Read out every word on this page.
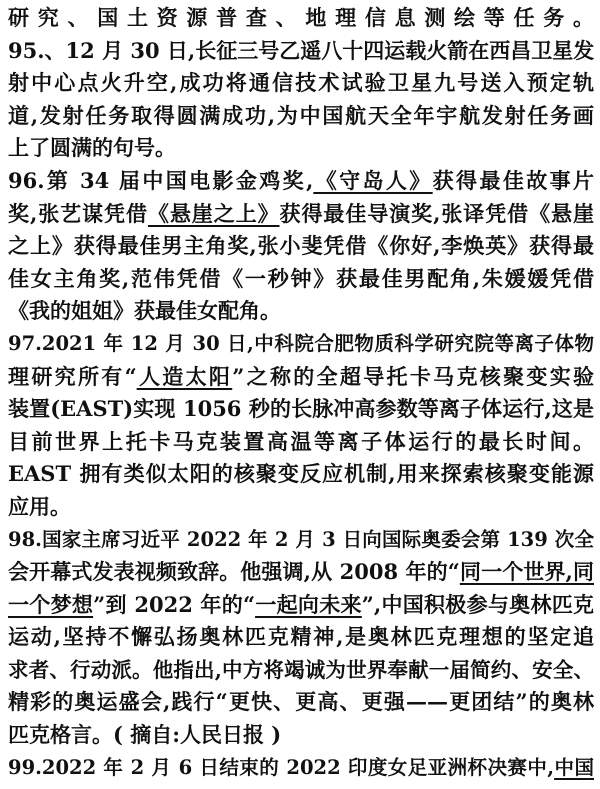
研究、国土资源普查、地理信息测绘等任务。
95.、12 月 30 日,长征三号乙遥八十四运载火箭在西昌卫星发
射中心点火升空,成功将通信技术试验卫星九号送入预定轨
道,发射任务取得圆满成功,为中国航天全年宇航发射任务画
上了圆满的句号。
96.第 34 届中国电影金鸡奖,《守岛人》获得最佳故事片
奖,张艺谋凭借《悬崖之上》获得最佳导演奖,张译凭借《悬崖
之上》获得最佳男主角奖,张小斐凭借《你好,李焕英》获得最
佳女主角奖,范伟凭借《一秒钟》获最佳男配角,朱媛媛凭借
《我的姐姐》获最佳女配角。
97.2021 年 12 月 30 日,中科院合肥物质科学研究院等离子体物
理研究所有“人造太阳”之称的全超导托卡马克核聚变实验
装置(EAST)实现 1056 秒的长脉冲高参数等离子体运行,这是
目前世界上托卡马克装置高温等离子体运行的最长时间。
EAST 拥有类似太阳的核聚变反应机制,用来探索核聚变能源
应用。
98.国家主席习近平 2022 年 2 月 3 日向国际奥委会第 139 次全
会开幕式发表视频致辞。他强调,从 2008 年的“同一个世界,同
一个梦想”到 2022 年的“一起向未来”,中国积极参与奥林匹克
运动,坚持不懈弘扬奥林匹克精神,是奥林匹克理想的坚定追
求者、行动派。他指出,中方将竭诚为世界奉献一届简约、安全、
精彩的奥运盛会,践行“更快、更高、更强——更团结”的奥林
匹克格言。( 摘自:人民日报 )
99.2022 年 2 月 6 日结束的 2022 印度女足亚洲杯决赛中,中国
